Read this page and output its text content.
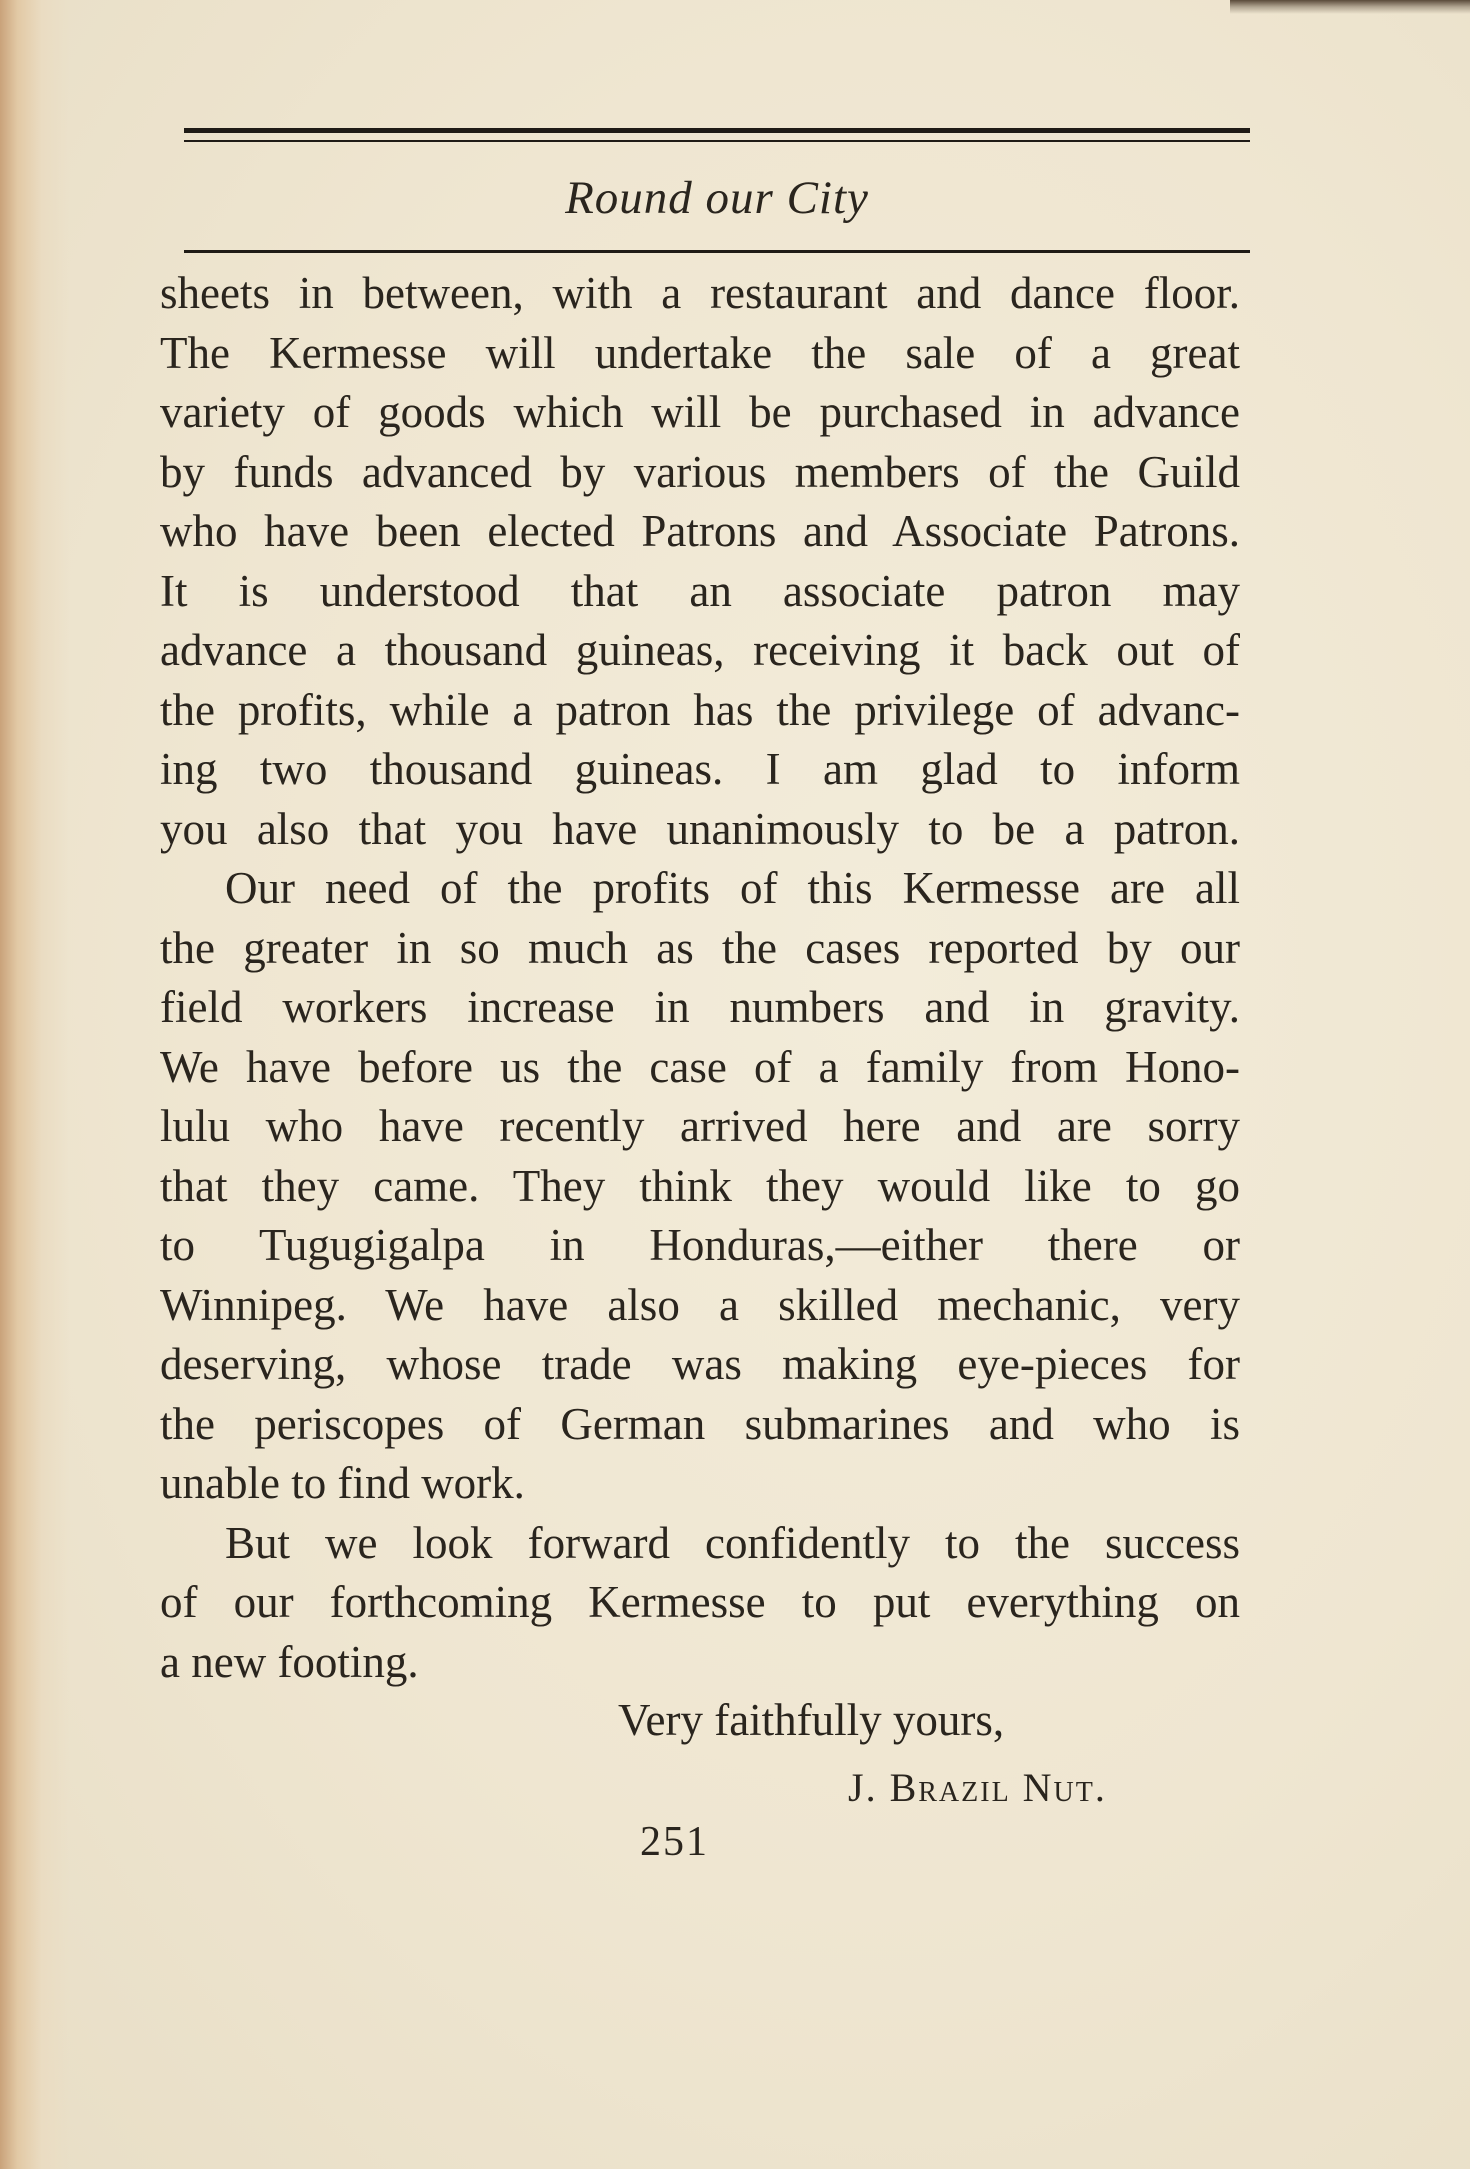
Round our City
sheets in between, with a restaurant and dance floor.
The Kermesse will undertake the sale of a great
variety of goods which will be purchased in advance
by funds advanced by various members of the Guild
who have been elected Patrons and Associate Patrons.
It is understood that an associate patron may
advance a thousand guineas, receiving it back out of
the profits, while a patron has the privilege of advanc-
ing two thousand guineas. I am glad to inform
you also that you have unanimously to be a patron.
Our need of the profits of this Kermesse are all
the greater in so much as the cases reported by our
field workers increase in numbers and in gravity.
We have before us the case of a family from Hono-
lulu who have recently arrived here and are sorry
that they came. They think they would like to go
to Tugugigalpa in Honduras,—either there or
Winnipeg. We have also a skilled mechanic, very
deserving, whose trade was making eye-pieces for
the periscopes of German submarines and who is
unable to find work.
But we look forward confidently to the success
of our forthcoming Kermesse to put everything on
a new footing.
Very faithfully yours,
J. Brazil Nut.
251
